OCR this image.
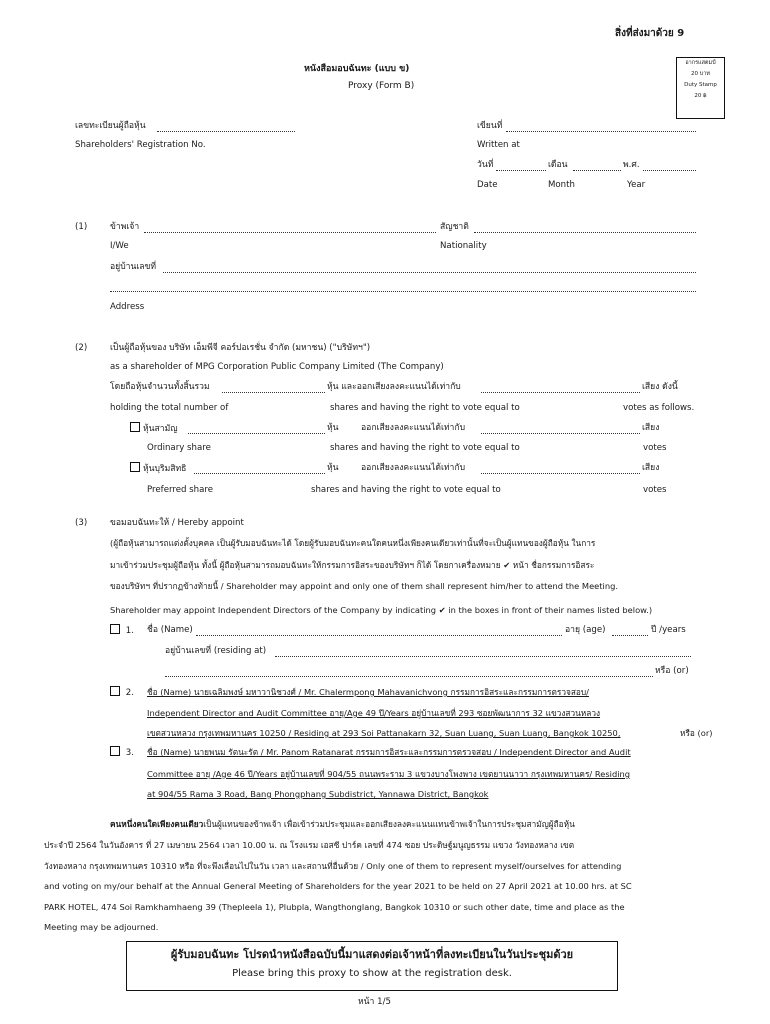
สิ่งที่ส่งมาด้วย 9
หนังสือมอบฉันทะ (แบบ ข)
Proxy (Form B)
อากรแสตมป์
20 บาท
Duty Stamp
20 ฿
เลขทะเบียนผู้ถือหุ้น
Shareholders' Registration No.
เขียนที่
Written at
วันที่	เดือน	พ.ศ.
Date	Month	Year
(1)	ข้าพเจ้า	สัญชาติ
I/We	Nationality
อยู่บ้านเลขที่
Address
(2)	เป็นผู้ถือหุ้นของ บริษัท เอ็มพีจี คอร์ปอเรชั่น จำกัด (มหาชน) ("บริษัทฯ")
as a shareholder of MPG Corporation Public Company Limited (The Company)
โดยถือหุ้นจำนวนทั้งสิ้นรวม	หุ้น และออกเสียงลงคะแนนได้เท่ากับ	เสียง ดังนี้
holding the total number of	shares and having the right to vote equal to	votes as follows.
หุ้นสามัญ	หุ้น	ออกเสียงลงคะแนนได้เท่ากับ	เสียง
Ordinary share	shares and having the right to vote equal to	votes
หุ้นบุริมสิทธิ	หุ้น	ออกเสียงลงคะแนนได้เท่ากับ	เสียง
Preferred share	shares and having the right to vote equal to	votes
(3)	ขอมอบฉันทะให้ / Hereby appoint
(ผู้ถือหุ้นสามารถแต่งตั้งบุคคล เป็นผู้รับมอบฉันทะได้ โดยผู้รับมอบฉันทะคนใดคนหนึ่งเพียงคนเดียวเท่านั้นที่จะเป็นผู้แทนของผู้ถือหุ้น ในการ
มาเข้าร่วมประชุมผู้ถือหุ้น ทั้งนี้ ผู้ถือหุ้นสามารถมอบฉันทะให้กรรมการอิสระของบริษัทฯ ก็ได้ โดยกาเครื่องหมาย ✔ หน้า ชื่อกรรมการอิสระ
ของบริษัทฯ ที่ปรากฏข้างท้ายนี้ / Shareholder may appoint and only one of them shall represent him/her to attend the Meeting.
Shareholder may appoint Independent Directors of the Company by indicating ✔ in the boxes in front of their names listed below.)
1. ชื่อ (Name)	อายุ (age)	ปี /years
อยู่บ้านเลขที่ (residing at)
หรือ (or)
2. ชื่อ (Name) นายเฉลิมพงษ์ มหาวานิชวงศ์ / Mr. Chalermpong Mahavanichvong กรรมการอิสระและกรรมการตรวจสอบ/
Independent Director and Audit Committee อายุ/Age 49 ปี/Years อยู่บ้านเลขที่ 293 ซอยพัฒนาการ 32 แขวงสวนหลวง
เขตสวนหลวง กรุงเทพมหานคร 10250 / Residing at 293 Soi Pattanakarn 32, Suan Luang, Suan Luang, Bangkok 10250,	หรือ (or)
3. ชื่อ (Name) นายพนม รัตนะรัต / Mr. Panom Ratanarat กรรมการอิสระและกรรมการตรวจสอบ / Independent Director and Audit
Committee อายุ /Age 46 ปี/Years อยู่บ้านเลขที่ 904/55 ถนนพระราม 3 แขวงบางโพงพาง เขตยานนาวา กรุงเทพมหานคร/ Residing
at 904/55 Rama 3 Road, Bang Phongphang Subdistrict, Yannawa District, Bangkok
คนหนึ่งคนใดเพียงคนเดียวเป็นผู้แทนของข้าพเจ้า เพื่อเข้าร่วมประชุมและออกเสียงลงคะแนนแทนข้าพเจ้าในการประชุมสามัญผู้ถือหุ้น
ประจำปี 2564 ในวันอังคาร ที่ 27 เมษายน 2564 เวลา 10.00 น. ณ โรงแรม เอสซี ปาร์ค เลขที่ 474 ซอย ประดิษฐ์มนูญธรรม แขวง วังทองหลาง เขต
วังทองหลาง กรุงเทพมหานคร 10310 หรือ ที่จะพึงเลื่อนไปในวัน เวลา และสถานที่อื่นด้วย / Only one of them to represent myself/ourselves for attending
and voting on my/our behalf at the Annual General Meeting of Shareholders for the year 2021 to be held on 27 April 2021 at 10.00 hrs. at SC
PARK HOTEL, 474 Soi Ramkhamhaeng 39 (Thepleela 1), Plubpla, Wangthonglang, Bangkok 10310 or such other date, time and place as the
Meeting may be adjourned.
ผู้รับมอบฉันทะ โปรดนำหนังสือฉบับนี้มาแสดงต่อเจ้าหน้าที่ลงทะเบียนในวันประชุมด้วย
Please bring this proxy to show at the registration desk.
หน้า 1/5
